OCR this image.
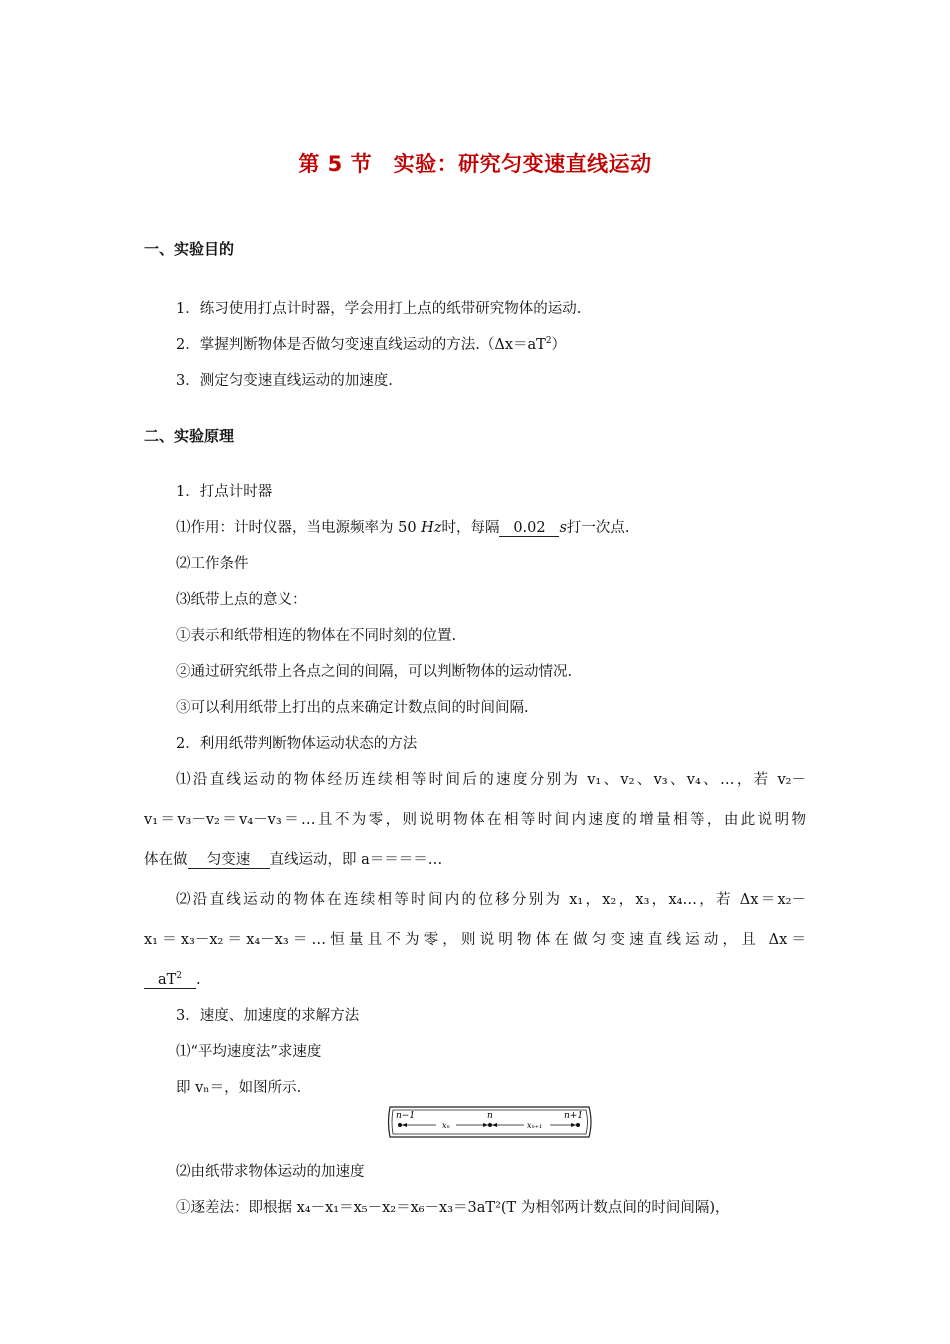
第 5 节　实验：研究匀变速直线运动
一、实验目的
1．练习使用打点计时器，学会用打上点的纸带研究物体的运动.
2．掌握判断物体是否做匀变速直线运动的方法$.(\Delta x=aT^2)$
3．测定匀变速直线运动的加速度.
二、实验原理
1．打点计时器
⑴作用：计时仪器，当电源频率为 50 Hz时，每隔 0.02 s打一次点.
⑵工作条件
⑶纸带上点的意义：
①表示和纸带相连的物体在不同时刻的位置.
②通过研究纸带上各点之间的间隔，可以判断物体的运动情况.
③可以利用纸带上打出的点来确定计数点间的时间间隔.
2．利用纸带判断物体运动状态的方法
⑴沿直线运动的物体经历连续相等时间后的速度分别为 v₁、v₂、v₃、v₄、…，若 v₂－
v₁＝v₃－v₂＝v₄－v₃＝…且不为零，则说明物体在相等时间内速度的增量相等，由此说明物
体在做 匀变速 直线运动，即 a＝＝＝＝…
⑵沿直线运动的物体在连续相等时间内的位移分别为 x₁，x₂，x₃，x₄…，若 Δx＝x₂－
x₁＝x₃－x₂＝x₄－x₃＝…恒量且不为零，则说明物体在做匀变速直线运动，且 Δx＝
$aT^2$ .
3．速度、加速度的求解方法
⑴“平均速度法”求速度
即 vₙ＝，如图所示.
n−1	n	n+1
xₙ	xₙ₊₁
⑵由纸带求物体运动的加速度
①逐差法：即根据 x₄－x₁＝x₅－x₂＝x₆－x₃＝3aT²(T 为相邻两计数点间的时间间隔)，
